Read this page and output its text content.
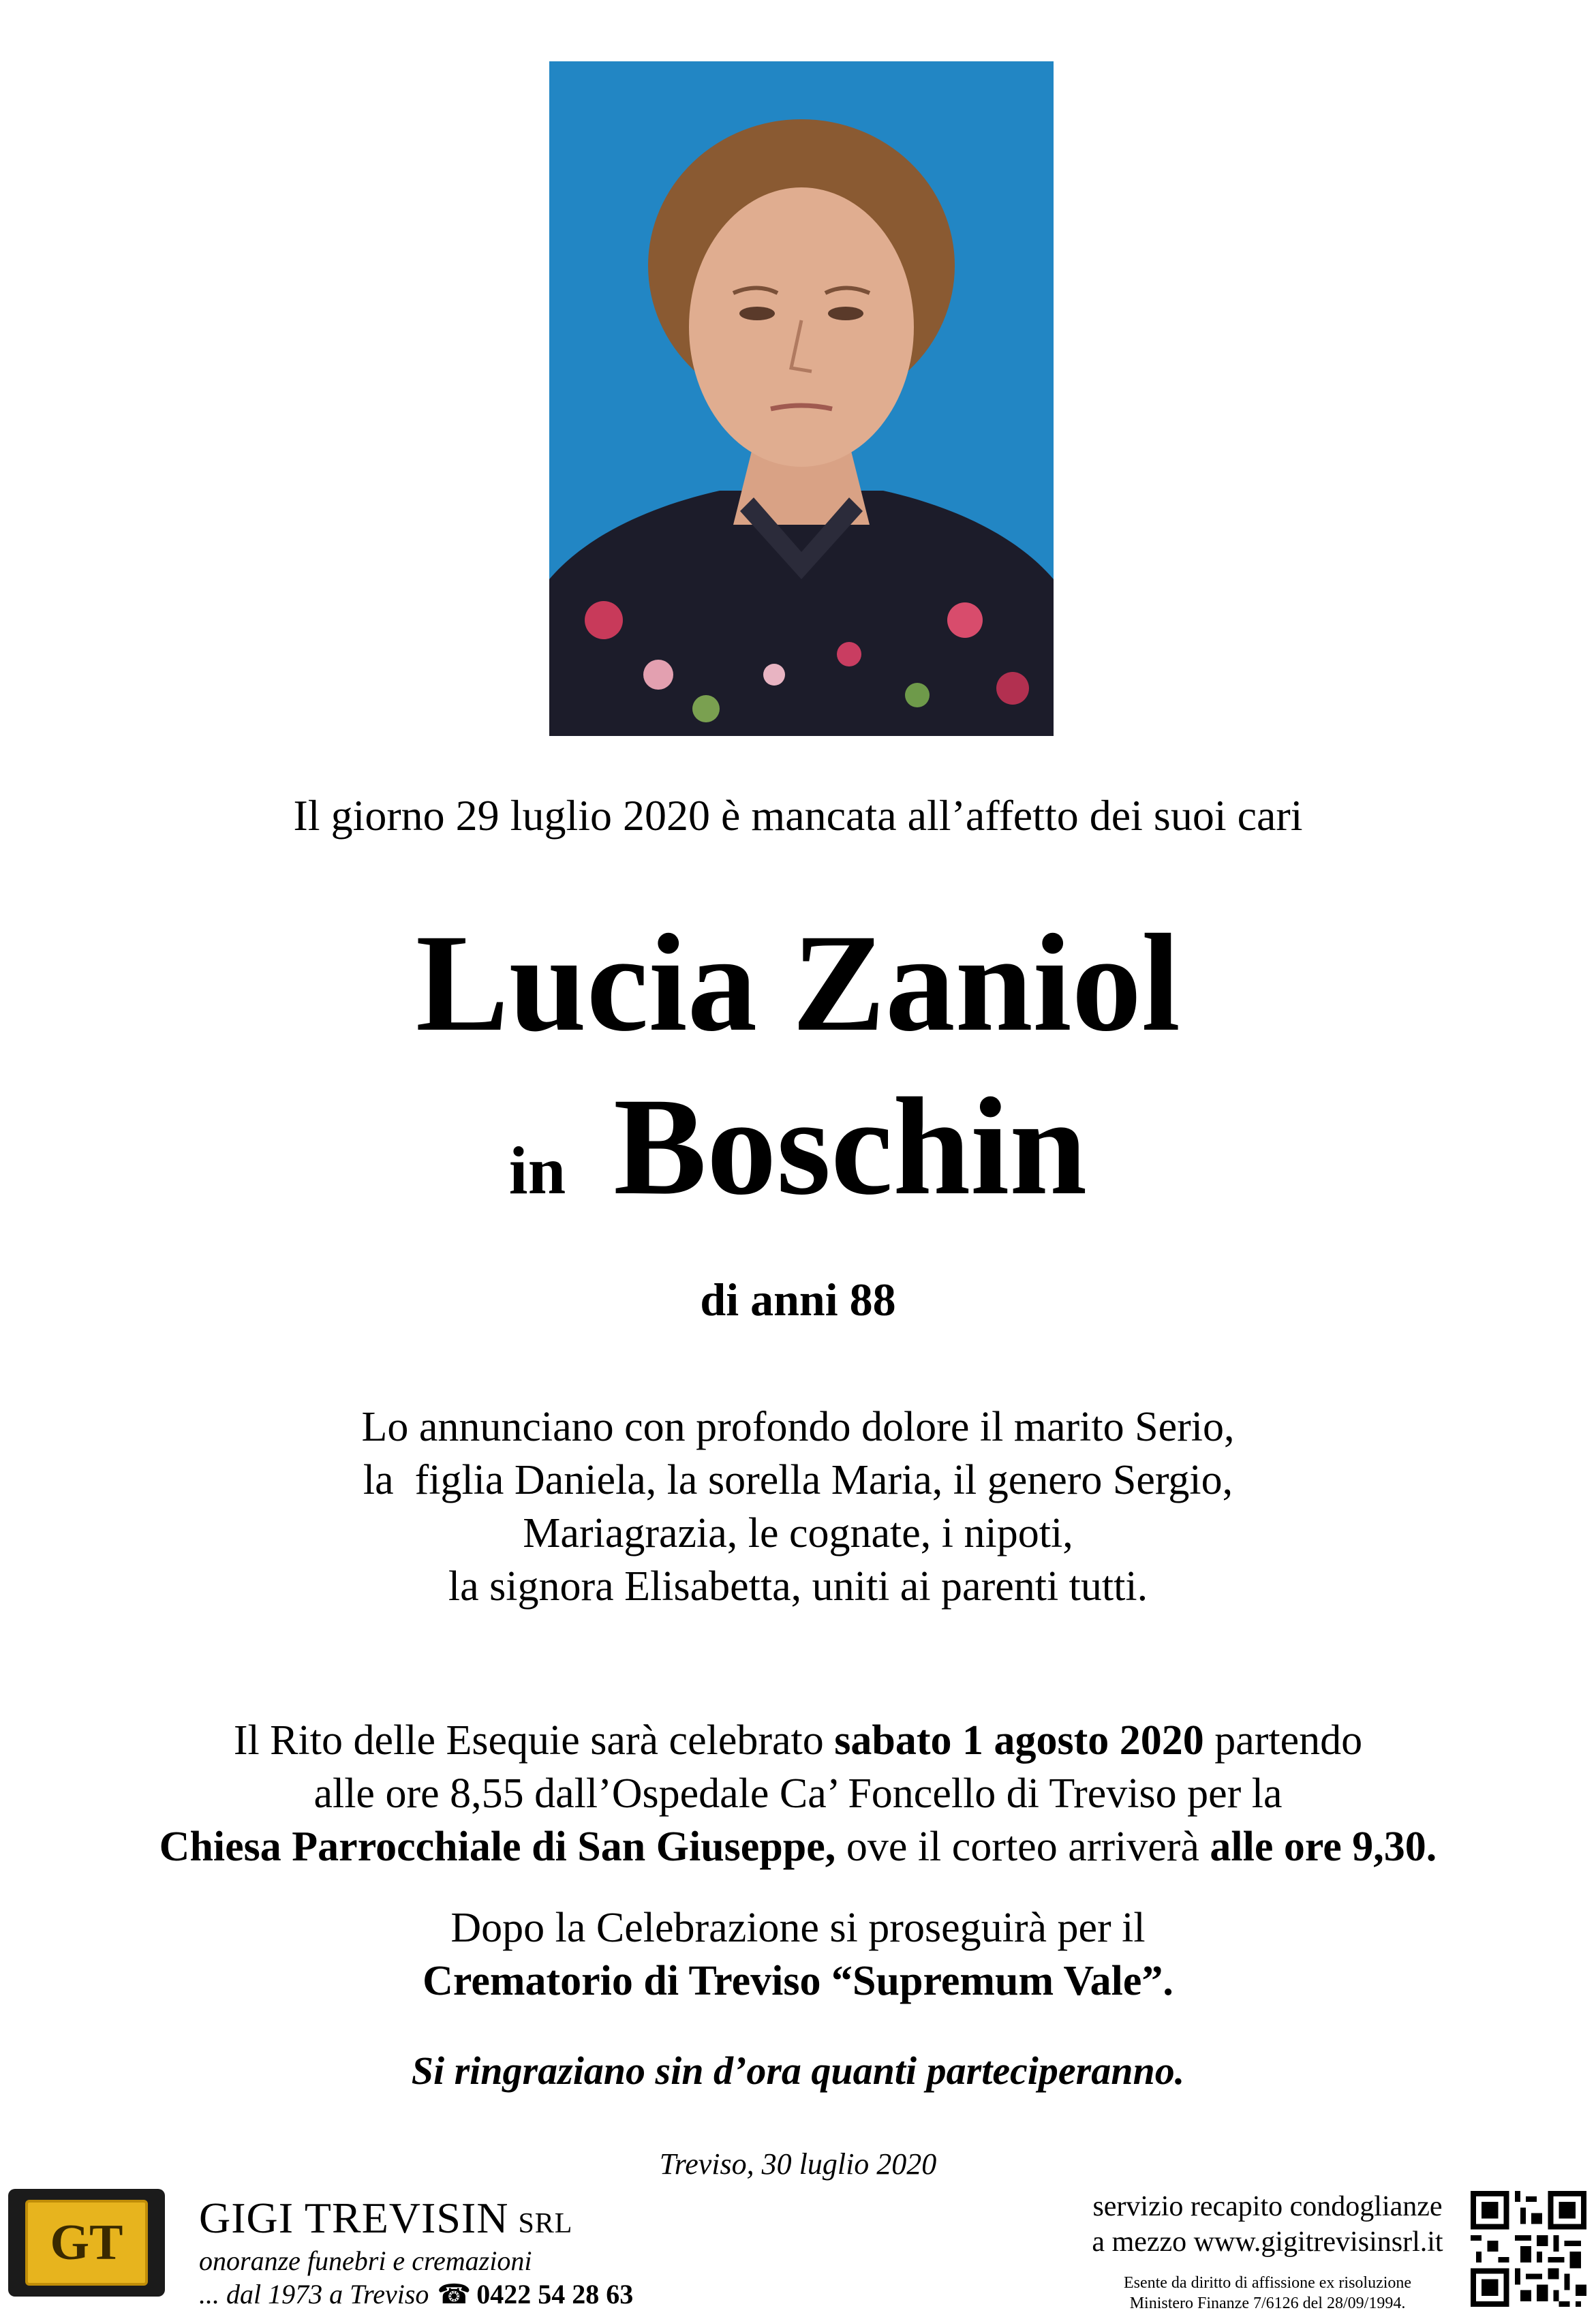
Il giorno 29 luglio 2020 è mancata all’affetto dei suoi cari
Lucia Zaniol
in Boschin
di anni 88
Lo annunciano con profondo dolore il marito Serio,
la  figlia Daniela, la sorella Maria, il genero Sergio,
Mariagrazia, le cognate, i nipoti,
la signora Elisabetta, uniti ai parenti tutti.
Il Rito delle Esequie sarà celebrato sabato 1 agosto 2020 partendo
alle ore 8,55 dall’Ospedale Ca’ Foncello di Treviso per la
Chiesa Parrocchiale di San Giuseppe, ove il corteo arriverà alle ore 9,30.
Dopo la Celebrazione si proseguirà per il
Crematorio di Treviso “Supremum Vale”.
Si ringraziano sin d’ora quanti parteciperanno.
Treviso, 30 luglio 2020
GT	GIGI TREVISIN SRL
onoranze funebri e cremazioni
... dal 1973 a Treviso ☎ 0422 54 28 63
servizio recapito condoglianze
a mezzo www.gigitrevisinsrl.it
Esente da diritto di affissione ex risoluzione
Ministero Finanze 7/6126 del 28/09/1994.
